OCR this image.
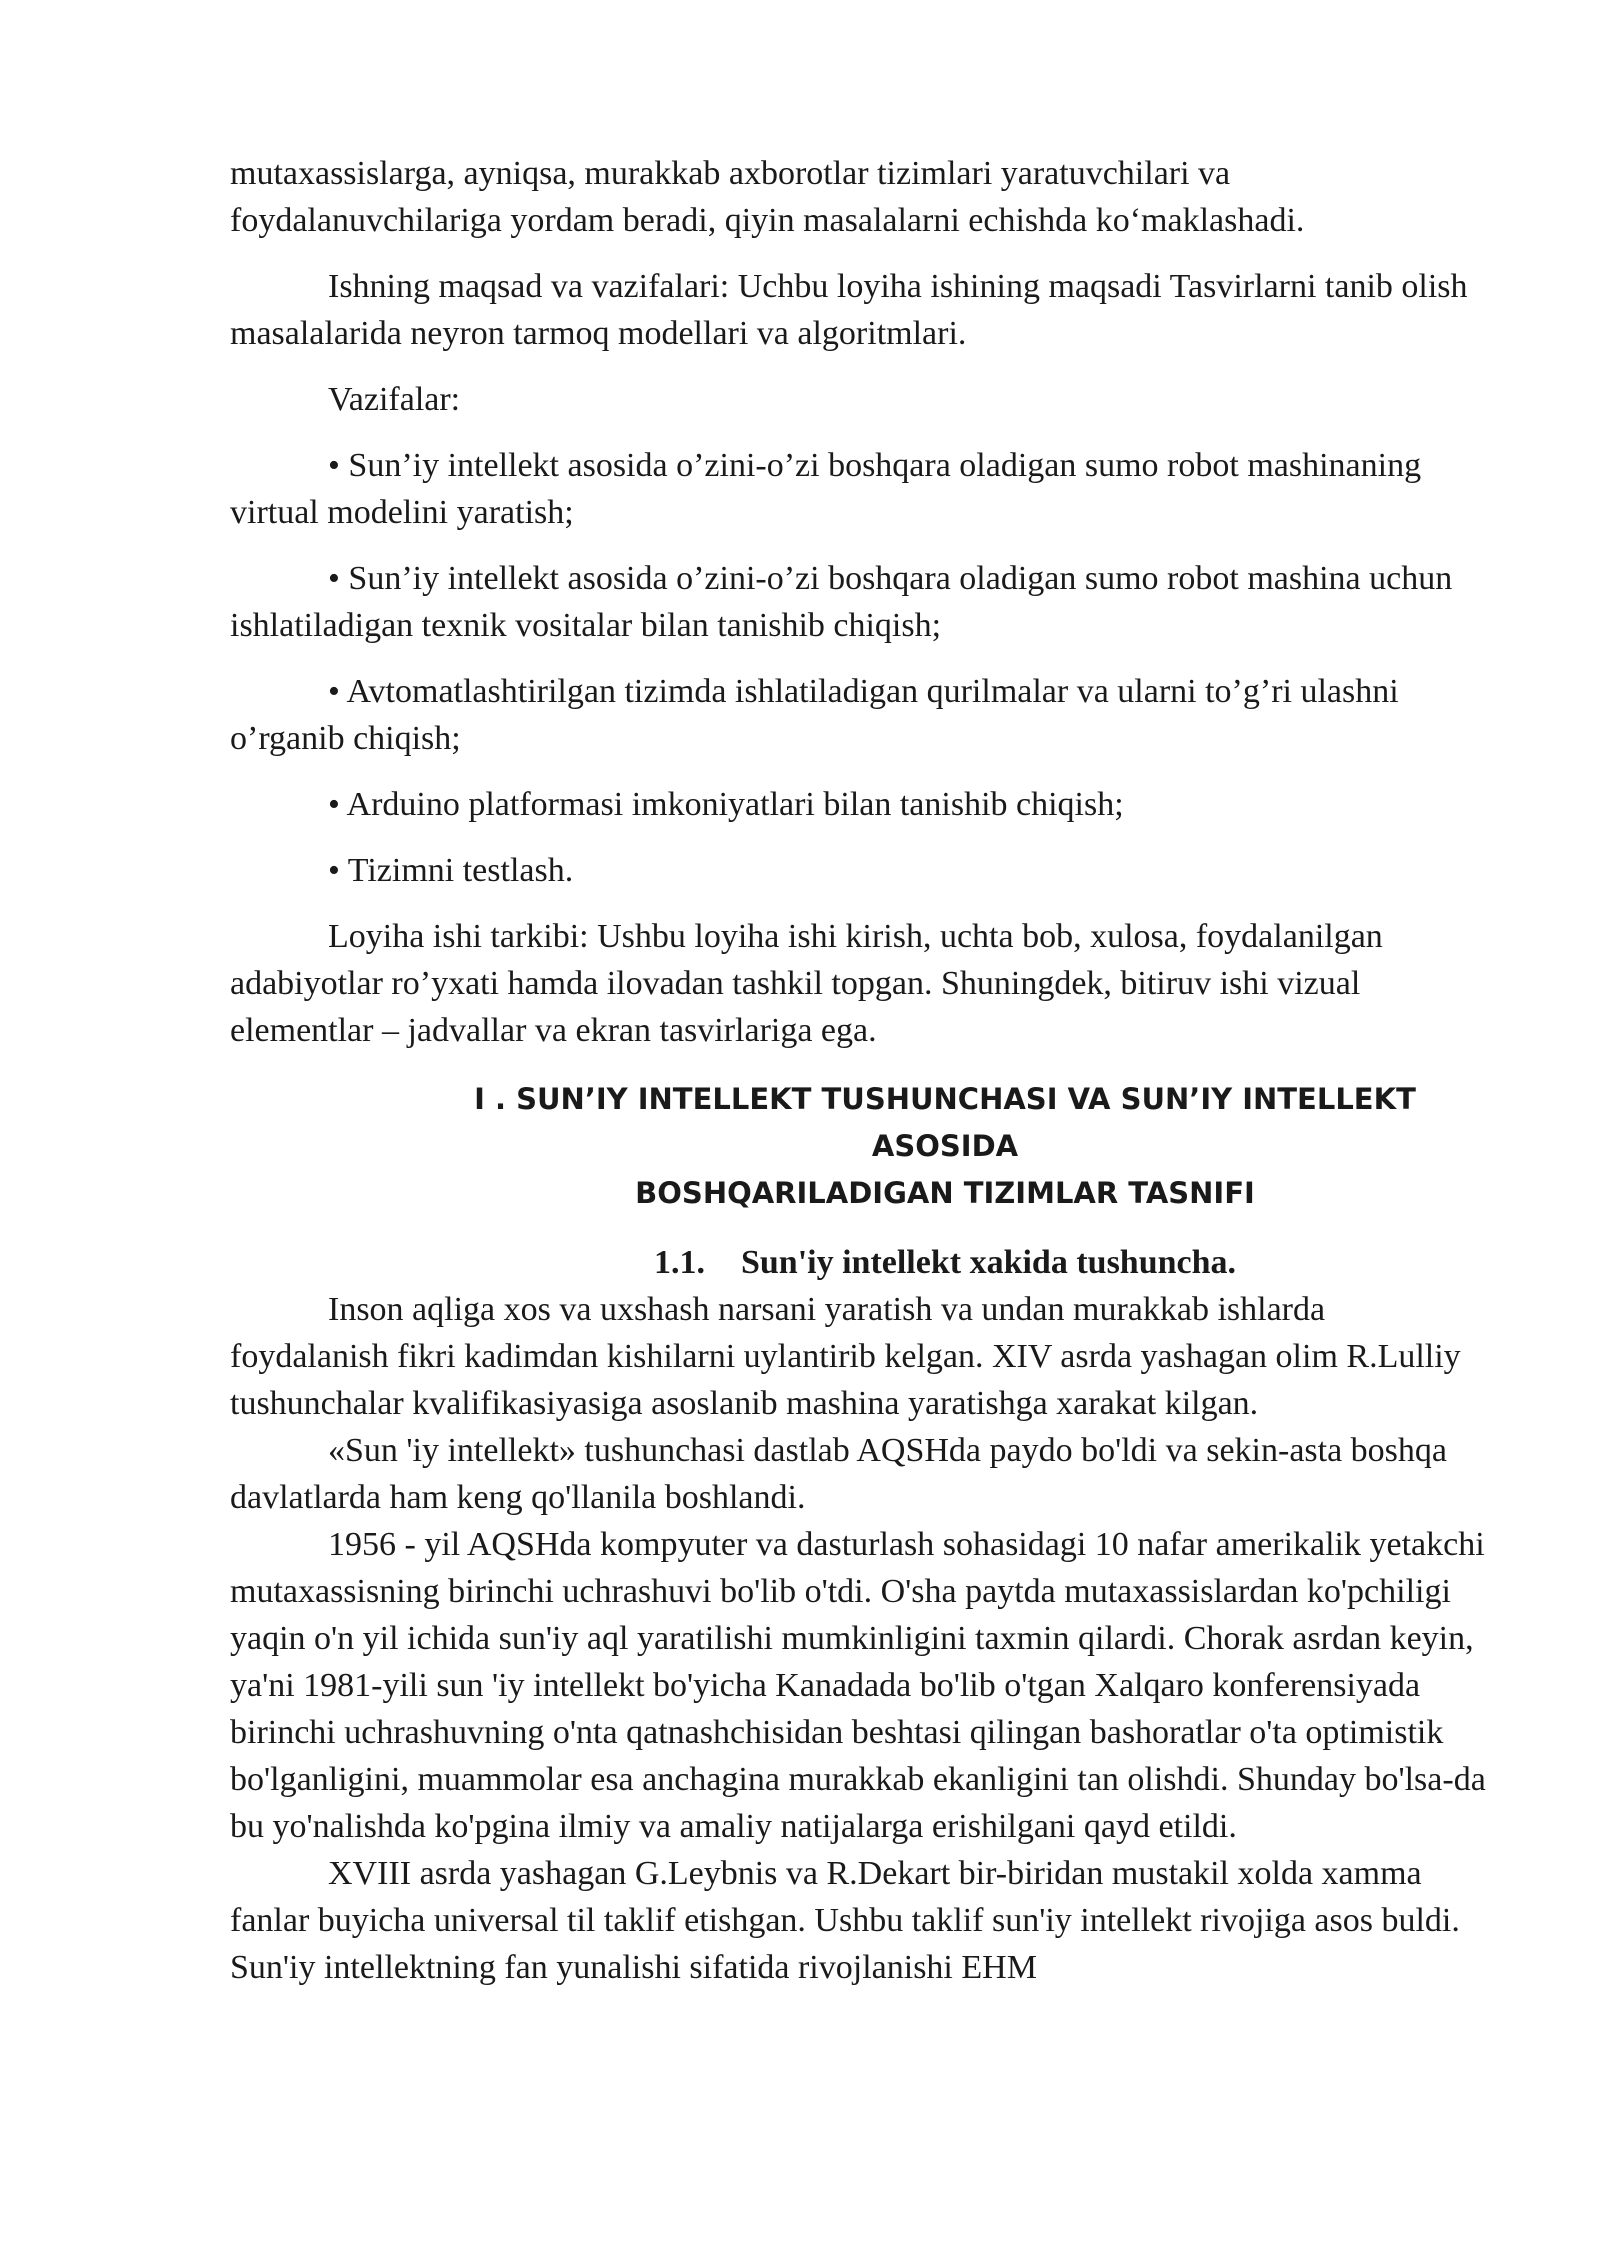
mutaxassislarga, ayniqsa, murakkab axborotlar tizimlari yaratuvchilari va foydalanuvchilariga yordam beradi, qiyin masalalarni echishda ko‘maklashadi.

Ishning maqsad va vazifalari: Uchbu loyiha ishining maqsadi Tasvirlarni tanib olish masalalarida neyron tarmoq modellari va algoritmlari.

Vazifalar:

• Sun’iy intellekt asosida o’zini-o’zi boshqara oladigan sumo robot mashinaning virtual modelini yaratish;

• Sun’iy intellekt asosida o’zini-o’zi boshqara oladigan sumo robot mashina uchun ishlatiladigan texnik vositalar bilan tanishib chiqish;

• Avtomatlashtirilgan tizimda ishlatiladigan qurilmalar va ularni to’g’ri ulashni o’rganib chiqish;

• Arduino platformasi imkoniyatlari bilan tanishib chiqish;

• Tizimni testlash.

Loyiha ishi tarkibi: Ushbu loyiha ishi kirish, uchta bob, xulosa, foydalanilgan adabiyotlar ro’yxati hamda ilovadan tashkil topgan. Shuningdek, bitiruv ishi vizual elementlar – jadvallar va ekran tasvirlariga ega.

I . SUN’IY INTELLEKT TUSHUNCHASI VA SUN’IY INTELLEKT ASOSIDA
BOSHQARILADIGAN TIZIMLAR TASNIFI
1.1. Sun'iy intellekt xakida tushuncha.

Inson aqliga xos va uxshash narsani yaratish va undan murakkab ishlarda foydalanish fikri kadimdan kishilarni uylantirib kelgan. XIV asrda yashagan olim R.Lulliy tushunchalar kvalifikasiyasiga asoslanib mashina yaratishga xarakat kilgan.

«Sun 'iy intellekt» tushunchasi dastlab AQSHda paydo bo'ldi va sekin-asta boshqa davlatlarda ham keng qo'llanila boshlandi.

1956 - yil AQSHda kompyuter va dasturlash sohasidagi 10 nafar amerikalik yetakchi mutaxassisning birinchi uchrashuvi bo'lib o'tdi. O'sha paytda mutaxassislardan ko'pchiligi yaqin o'n yil ichida sun'iy aql yaratilishi mumkinligini taxmin qilardi. Chorak asrdan keyin, ya'ni 1981-yili sun 'iy intellekt bo'yicha Kanadada bo'lib o'tgan Xalqaro konferensiyada birinchi uchrashuvning o'nta qatnashchisidan beshtasi qilingan bashoratlar o'ta optimistik bo'lganligini, muammolar esa anchagina murakkab ekanligini tan olishdi. Shunday bo'lsa-da bu yo'nalishda ko'pgina ilmiy va amaliy natijalarga erishilgani qayd etildi.

XVIII asrda yashagan G.Leybnis va R.Dekart bir-biridan mustakil xolda xamma fanlar buyicha universal til taklif etishgan. Ushbu taklif sun'iy intellekt rivojiga asos buldi. Sun'iy intellektning fan yunalishi sifatida rivojlanishi EHM
